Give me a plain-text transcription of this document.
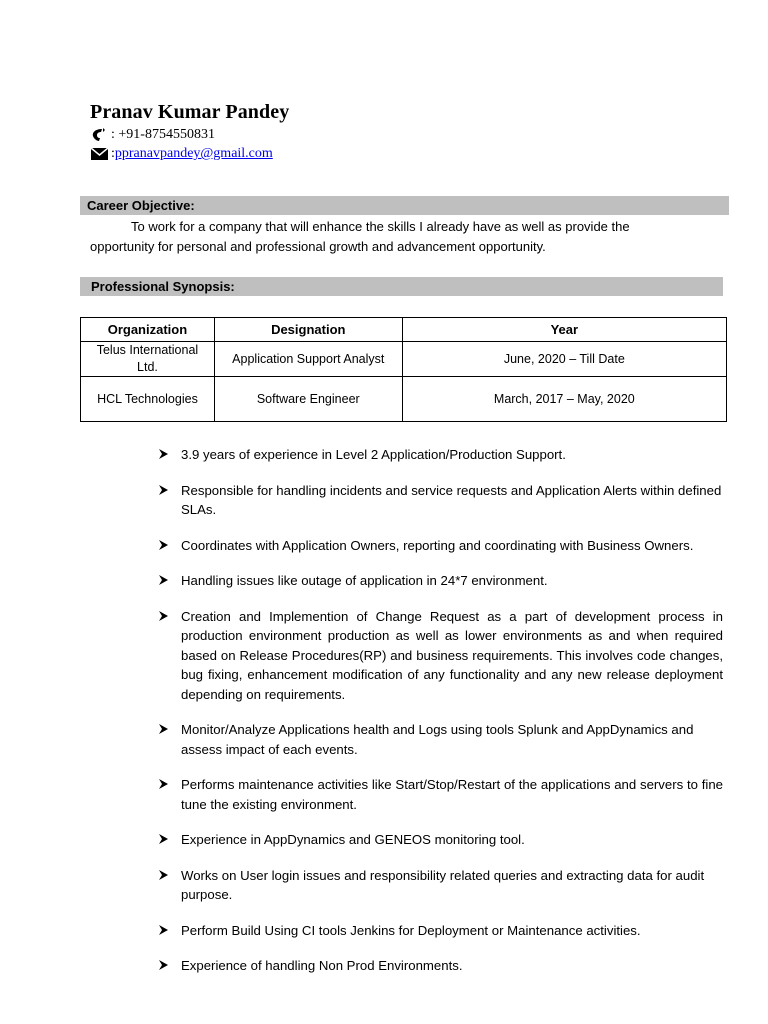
Pranav Kumar Pandey
: +91-8754550831
: ppranavpandey@gmail.com
Career Objective:
To work for a company that will enhance the skills I already have as well as provide the
opportunity for personal and professional growth and advancement opportunity.
Professional Synopsis:
Organization	Designation	Year
Telus International Ltd.	Application Support Analyst	June, 2020 – Till Date
HCL Technologies	Software Engineer	March, 2017 – May, 2020
3.9 years of experience in Level 2 Application/Production Support.
Responsible for handling incidents and service requests and Application Alerts within defined SLAs.
Coordinates with Application Owners, reporting and coordinating with Business Owners.
Handling issues like outage of application in 24*7 environment.
Creation and Implemention of Change Request as a part of development process in production environment production as well as lower environments as and when required based on Release Procedures(RP) and business requirements. This involves code changes, bug fixing, enhancement modification of any functionality and any new release deployment depending on requirements.
Monitor/Analyze Applications health and Logs using tools Splunk and AppDynamics and assess impact of each events.
Performs maintenance activities like Start/Stop/Restart of the applications and servers to fine tune the existing environment.
Experience in AppDynamics and GENEOS monitoring tool.
Works on User login issues and responsibility related queries and extracting data for audit purpose.
Perform Build Using CI tools Jenkins for Deployment or Maintenance activities.
Experience of handling Non Prod Environments.
